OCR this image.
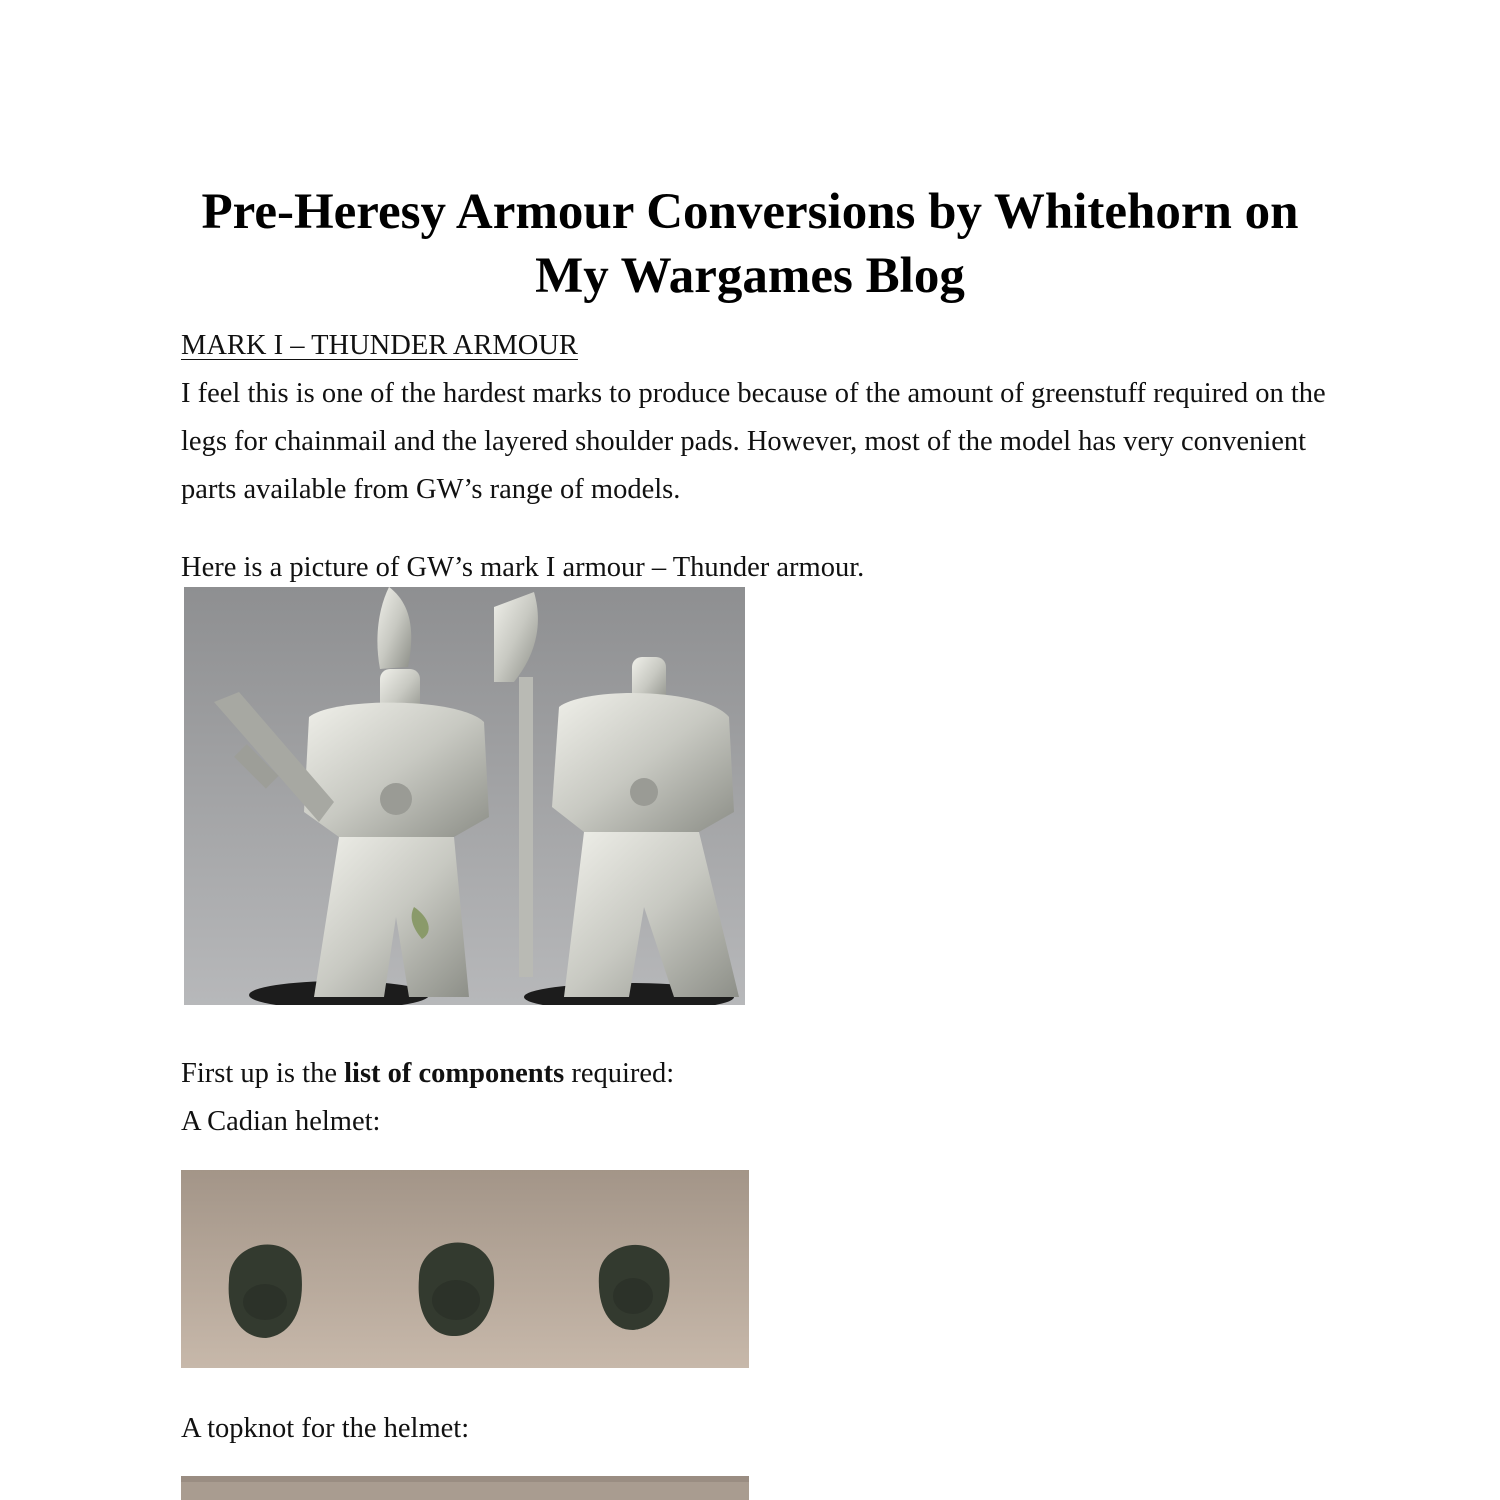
Pre-Heresy Armour Conversions by Whitehorn on
My Wargames Blog

MARK I – THUNDER ARMOUR

I feel this is one of the hardest marks to produce because of the amount of greenstuff required on the legs for chainmail and the layered shoulder pads. However, most of the model has very convenient parts available from GW’s range of models.

Here is a picture of GW’s mark I armour – Thunder armour.

First up is the list of components required:

A Cadian helmet:

A topknot for the helmet:
